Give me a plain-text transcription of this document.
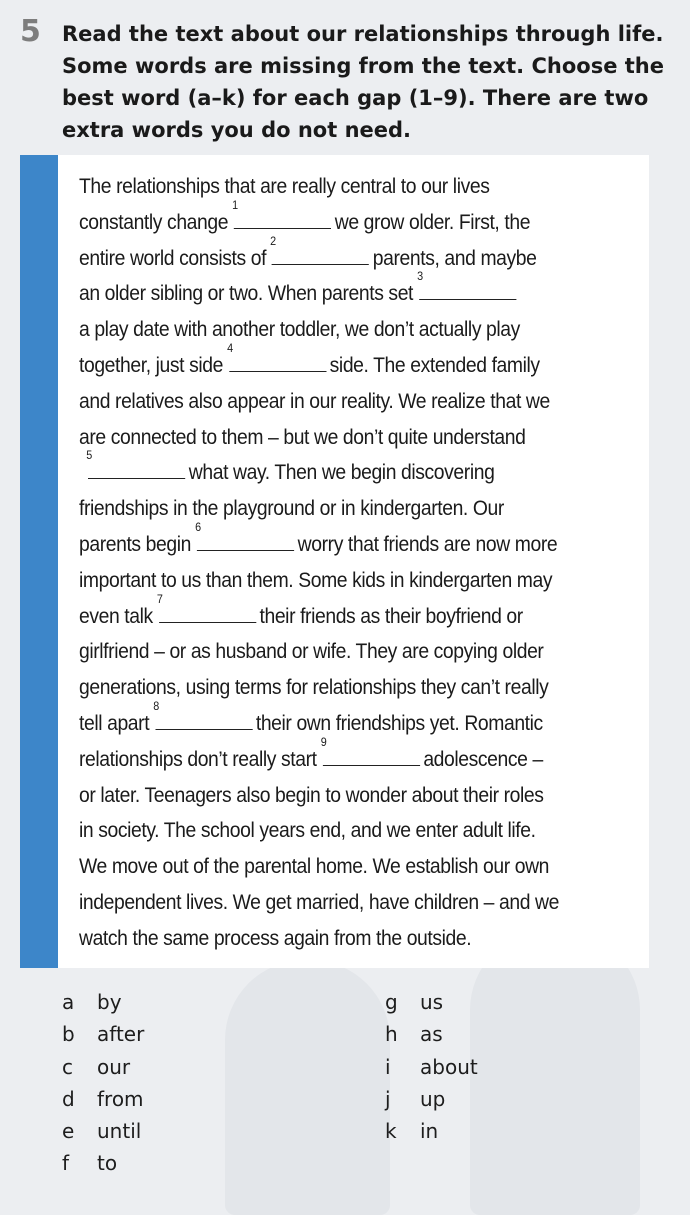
5 Read the text about our relationships through life. Some words are missing from the text. Choose the best word (a–k) for each gap (1–9). There are two extra words you do not need.

The relationships that are really central to our lives
constantly change
1
we grow older. First, the
entire world consists of
2
parents, and maybe
an older sibling or two. When parents set
3
a play date with another toddler, we don’t actually play
together, just side
4
side. The extended family
and relatives also appear in our reality. We realize that we
are connected to them – but we don’t quite understand
5
what way. Then we begin discovering
friendships in the playground or in kindergarten. Our
parents begin
6
worry that friends are now more
important to us than them. Some kids in kindergarten may
even talk
7
their friends as their boyfriend or
girlfriend – or as husband or wife. They are copying older
generations, using terms for relationships they can’t really
tell apart
8
their own friendships yet. Romantic
relationships don’t really start
9
adolescence –
or later. Teenagers also begin to wonder about their roles
in society. The school years end, and we enter adult life.
We move out of the parental home. We establish our own
independent lives. We get married, have children – and we
watch the same process again from the outside.
a by
b after
c our
d from
e until
f to
g us
h as
i about
j up
k in
